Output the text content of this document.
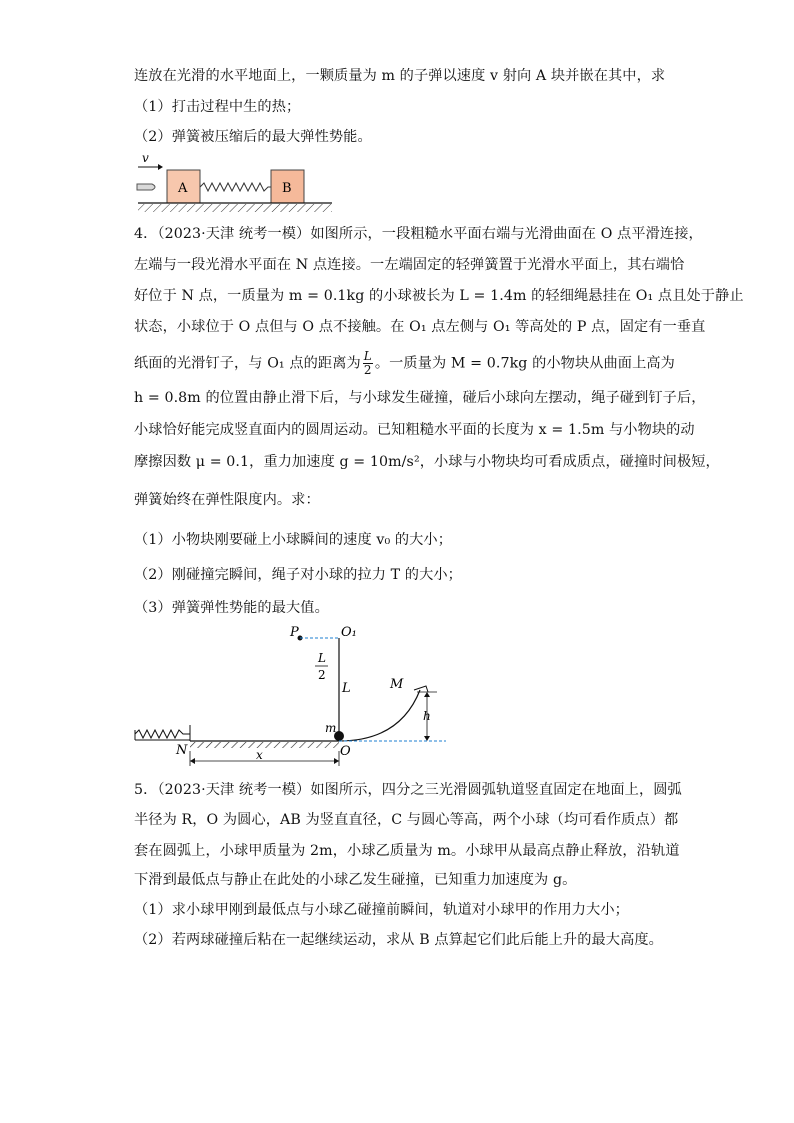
连放在光滑的水平地面上，一颗质量为 m 的子弹以速度 v 射向 A 块并嵌在其中，求
（1）打击过程中生的热；
（2）弹簧被压缩后的最大弹性势能。
v
A	B
4．（2023·天津 统考一模）如图所示，一段粗糙水平面右端与光滑曲面在 O 点平滑连接，
左端与一段光滑水平面在 N 点连接。一左端固定的轻弹簧置于光滑水平面上，其右端恰
好位于 N 点，一质量为 m = 0.1kg 的小球被长为 L = 1.4m 的轻细绳悬挂在 O₁ 点且处于静止
状态，小球位于 O 点但与 O 点不接触。在 O₁ 点左侧与 O₁ 等高处的 P 点，固定有一垂直
纸面的光滑钉子，与 O₁ 点的距离为 $\frac{L}{2}$ 。一质量为 M = 0.7kg 的小物块从曲面上高为
h = 0.8m 的位置由静止滑下后，与小球发生碰撞，碰后小球向左摆动，绳子碰到钉子后，
小球恰好能完成竖直面内的圆周运动。已知粗糙水平面的长度为 x = 1.5m 与小物块的动
摩擦因数 μ = 0.1，重力加速度 g = 10m/s²，小球与小物块均可看成质点，碰撞时间极短，
弹簧始终在弹性限度内。求：
（1）小物块刚要碰上小球瞬间的速度 v₀ 的大小；
（2）刚碰撞完瞬间，绳子对小球的拉力 T 的大小；
（3）弹簧弹性势能的最大值。
P	O₁
L
2
L
m
M
h
N	O
x
5．（2023·天津 统考一模）如图所示，四分之三光滑圆弧轨道竖直固定在地面上，圆弧
半径为 R，O 为圆心，AB 为竖直直径，C 与圆心等高，两个小球（均可看作质点）都
套在圆弧上，小球甲质量为 2m，小球乙质量为 m。小球甲从最高点静止释放，沿轨道
下滑到最低点与静止在此处的小球乙发生碰撞，已知重力加速度为 g。
（1）求小球甲刚到最低点与小球乙碰撞前瞬间，轨道对小球甲的作用力大小；
（2）若两球碰撞后粘在一起继续运动，求从 B 点算起它们此后能上升的最大高度。
